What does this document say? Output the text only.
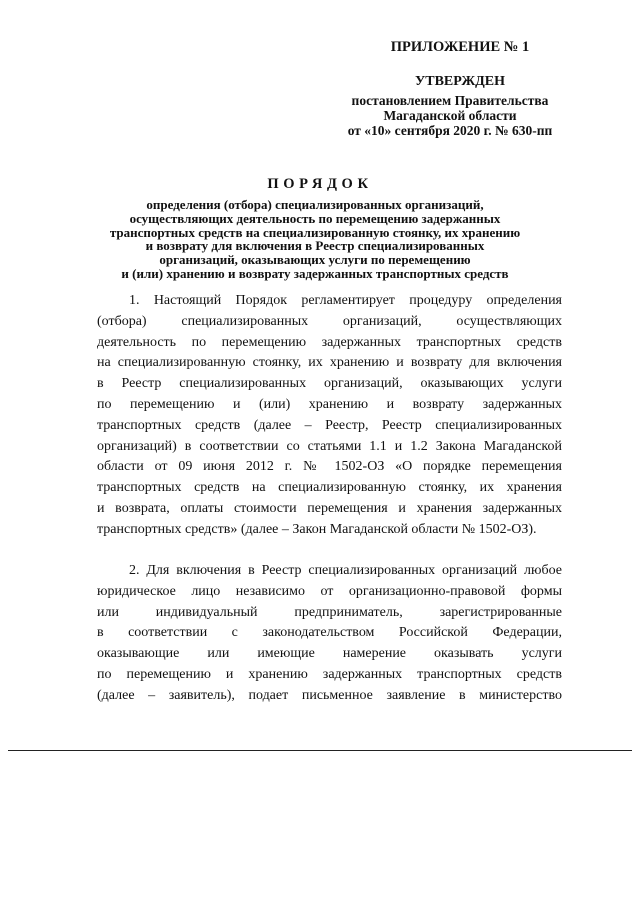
ПРИЛОЖЕНИЕ № 1
УТВЕРЖДЕН
постановлением Правительства
Магаданской области
от «10» сентября 2020 г. № 630-пп
ПОРЯДОК
определения (отбора) специализированных организаций,
осуществляющих деятельность по перемещению задержанных
транспортных средств на специализированную стоянку, их хранению
и возврату для включения в Реестр специализированных
организаций, оказывающих услуги по перемещению
и (или) хранению и возврату задержанных транспортных средств
1. Настоящий Порядок регламентирует процедуру определения
(отбора) специализированных организаций, осуществляющих
деятельность по перемещению задержанных транспортных средств
на специализированную стоянку, их хранению и возврату для включения
в Реестр специализированных организаций, оказывающих услуги
по перемещению и (или) хранению и возврату задержанных
транспортных средств (далее – Реестр, Реестр специализированных
организаций) в соответствии со статьями 1.1 и 1.2 Закона Магаданской
области от 09 июня 2012 г. № 1502-ОЗ «О порядке перемещения
транспортных средств на специализированную стоянку, их хранения
и возврата, оплаты стоимости перемещения и хранения задержанных
транспортных средств» (далее – Закон Магаданской области № 1502-ОЗ).
2. Для включения в Реестр специализированных организаций любое
юридическое лицо независимо от организационно-правовой формы
или индивидуальный предприниматель, зарегистрированные
в соответствии с законодательством Российской Федерации,
оказывающие или имеющие намерение оказывать услуги
по перемещению и хранению задержанных транспортных средств
(далее – заявитель), подает письменное заявление в министерство
